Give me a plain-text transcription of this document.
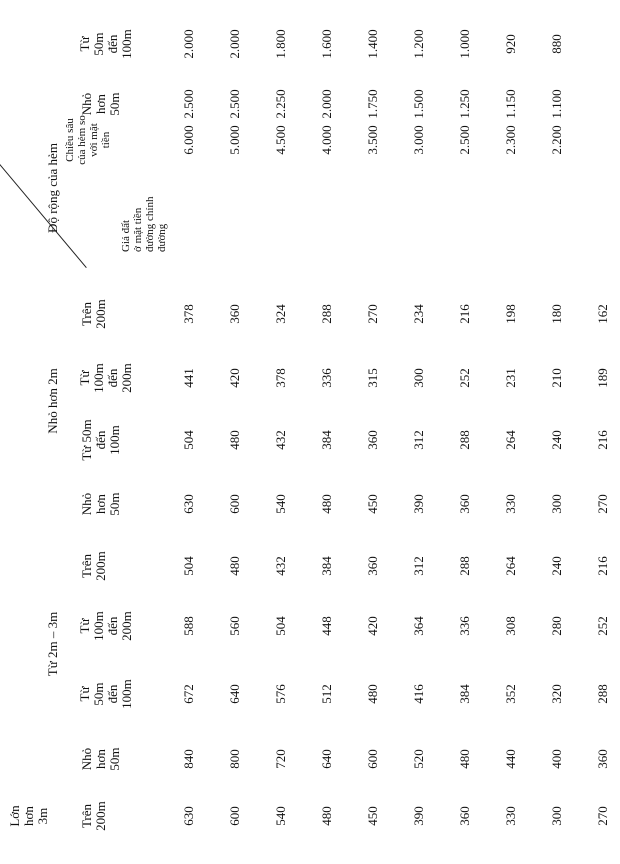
Lớn hơn 3m
Từ 2m – 3m
Nhỏ hơn 2m
Độ rộng của hẻm
Trên 200m
Nhỏ hơn 50m
Từ 50m đến 100m
Từ 100m đến 200m
Trên 200m
Nhỏ hơn 50m
Từ 50m đến 100m
Từ 100m đến 200m
Trên 200m
Giá đất ở mặt tiền đường chính đường
Chiều sâu của hẻm so với mặt tiền
Nhỏ hơn 50m
Từ 50m đến 100m
630
840
672
588
504
630
504
441
378
6.000
2.500
2.000
600
800
640
560
480
600
480
420
360
5.000
2.500
2.000
540
720
576
504
432
540
432
378
324
4.500
2.250
1.800
480
640
512
448
384
480
384
336
288
4.000
2.000
1.600
450
600
480
420
360
450
360
315
270
3.500
1.750
1.400
390
520
416
364
312
390
312
300
234
3.000
1.500
1.200
360
480
384
336
288
360
288
252
216
2.500
1.250
1.000
330
440
352
308
264
330
264
231
198
2.300
1.150
920
300
400
320
280
240
300
240
210
180
2.200
1.100
880
270
360
288
252
216
270
216
189
162
